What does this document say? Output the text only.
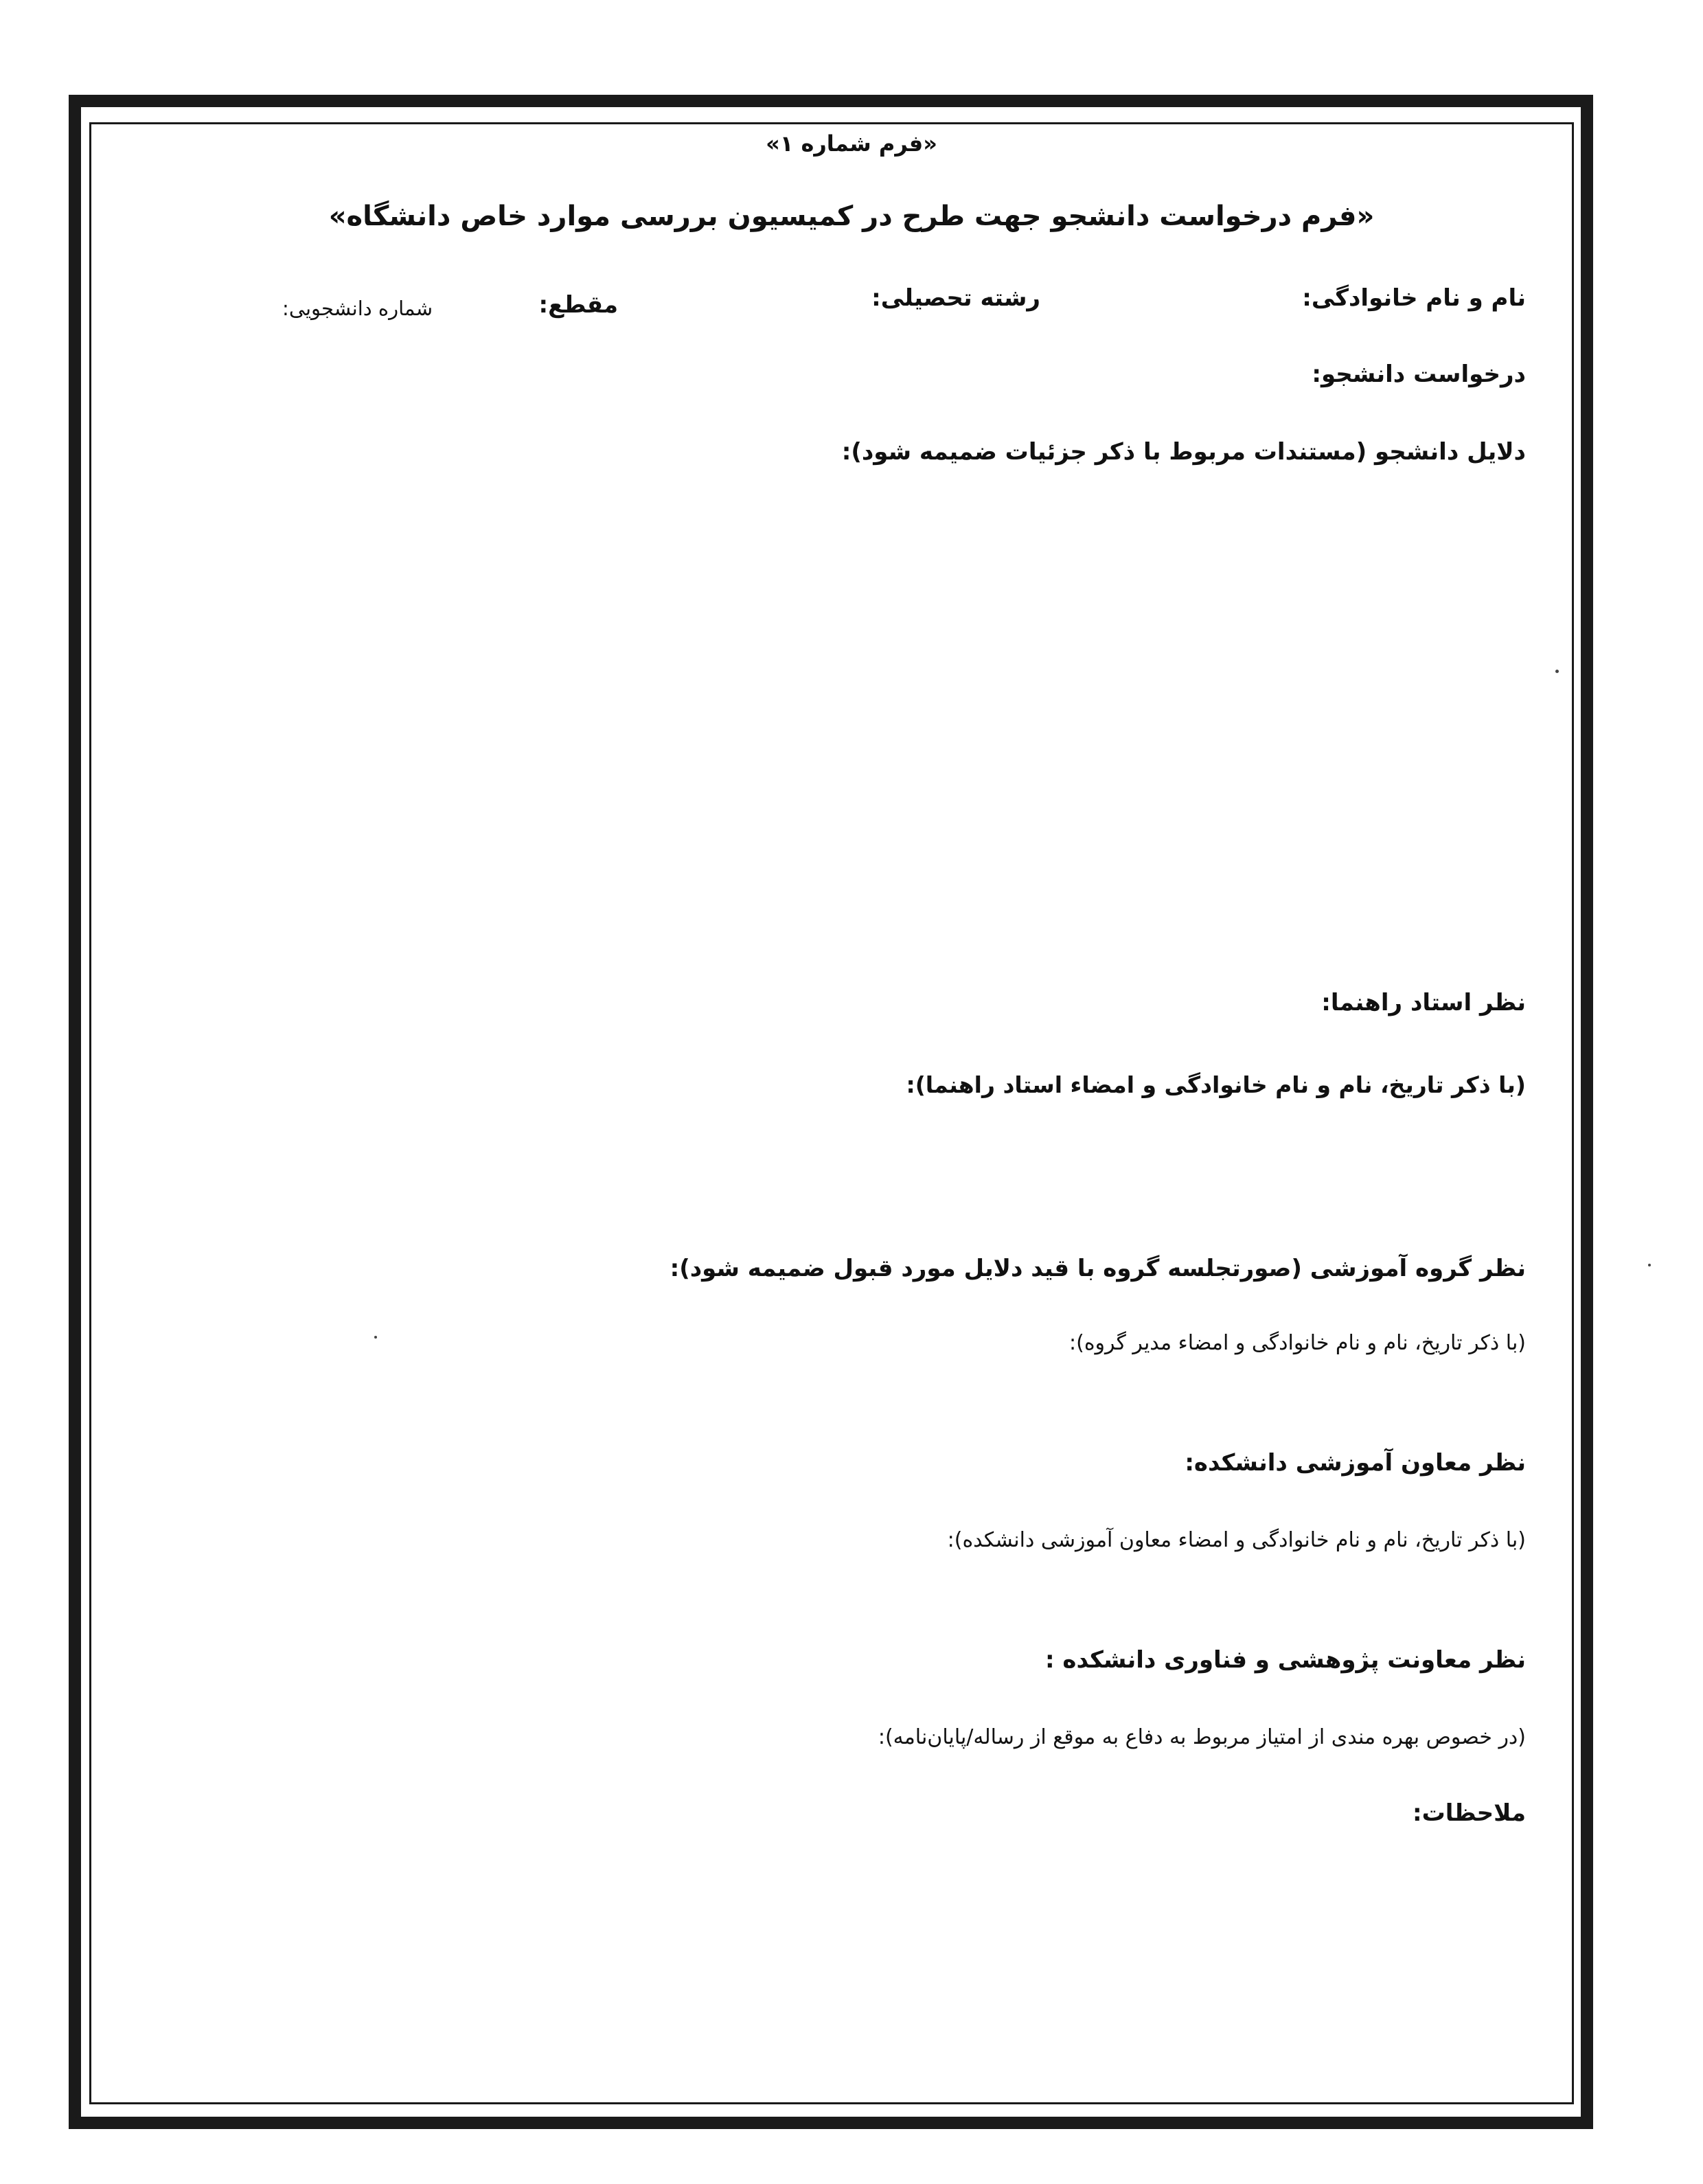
«فرم شماره ۱»
«فرم درخواست دانشجو جهت طرح در کمیسیون بررسی موارد خاص دانشگاه»
نام و نام خانوادگی:
رشته تحصیلی:
مقطع:
شماره دانشجویی:
درخواست دانشجو:
دلایل دانشجو (مستندات مربوط با ذکر جزئیات ضمیمه شود):
نظر استاد راهنما:
(با ذکر تاریخ، نام و نام خانوادگی و امضاء استاد راهنما):
نظر گروه آموزشی (صورتجلسه گروه با قید دلایل مورد قبول ضمیمه شود):
(با ذکر تاریخ، نام و نام خانوادگی و امضاء مدیر گروه):
نظر معاون آموزشی دانشکده:
(با ذکر تاریخ، نام و نام خانوادگی و امضاء معاون آموزشی دانشکده):
نظر معاونت پژوهشی و فناوری دانشکده :
(در خصوص بهره مندی از امتیاز مربوط به دفاع به موقع از رساله/پایان‌نامه):
ملاحظات:
